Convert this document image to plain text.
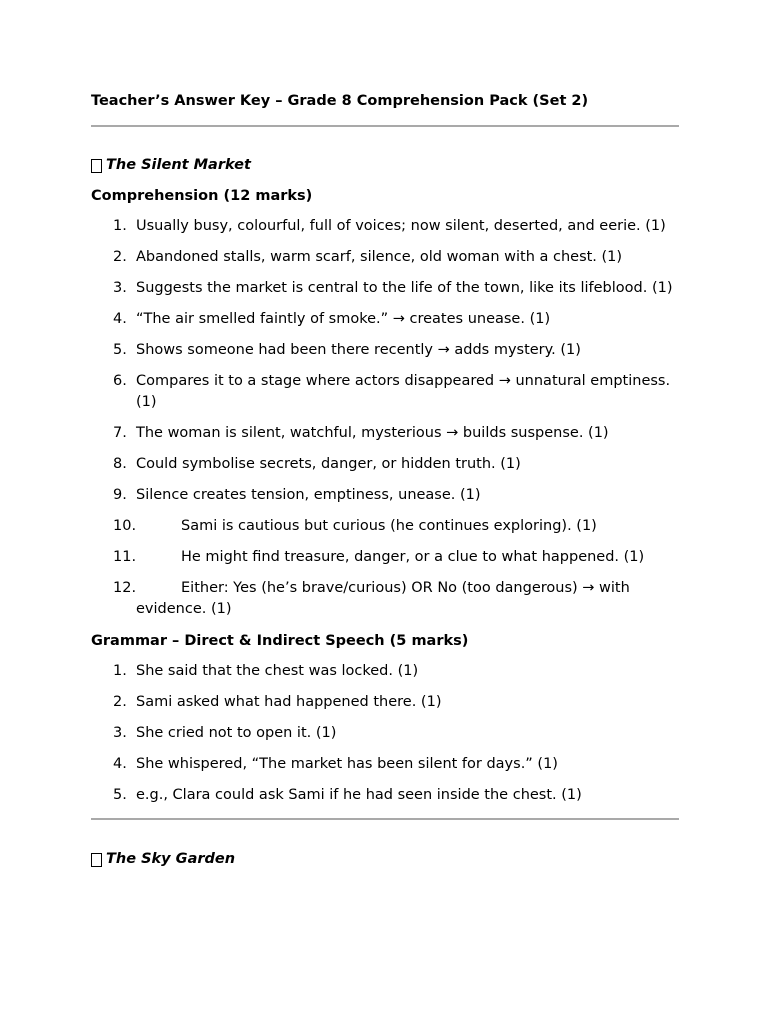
Teacher’s Answer Key – Grade 8 Comprehension Pack (Set 2)
The Silent Market
Comprehension (12 marks)
1. Usually busy, colourful, full of voices; now silent, deserted, and eerie. (1)
2. Abandoned stalls, warm scarf, silence, old woman with a chest. (1)
3. Suggests the market is central to the life of the town, like its lifeblood. (1)
4. “The air smelled faintly of smoke.” → creates unease. (1)
5. Shows someone had been there recently → adds mystery. (1)
6. Compares it to a stage where actors disappeared → unnatural emptiness. (1)
7. The woman is silent, watchful, mysterious → builds suspense. (1)
8. Could symbolise secrets, danger, or hidden truth. (1)
9. Silence creates tension, emptiness, unease. (1)
10.	Sami is cautious but curious (he continues exploring). (1)
11.	He might find treasure, danger, or a clue to what happened. (1)
12.	Either: Yes (he’s brave/curious) OR No (too dangerous) → with evidence. (1)
Grammar – Direct & Indirect Speech (5 marks)
1. She said that the chest was locked. (1)
2. Sami asked what had happened there. (1)
3. She cried not to open it. (1)
4. She whispered, “The market has been silent for days.” (1)
5. e.g., Clara could ask Sami if he had seen inside the chest. (1)
The Sky Garden
